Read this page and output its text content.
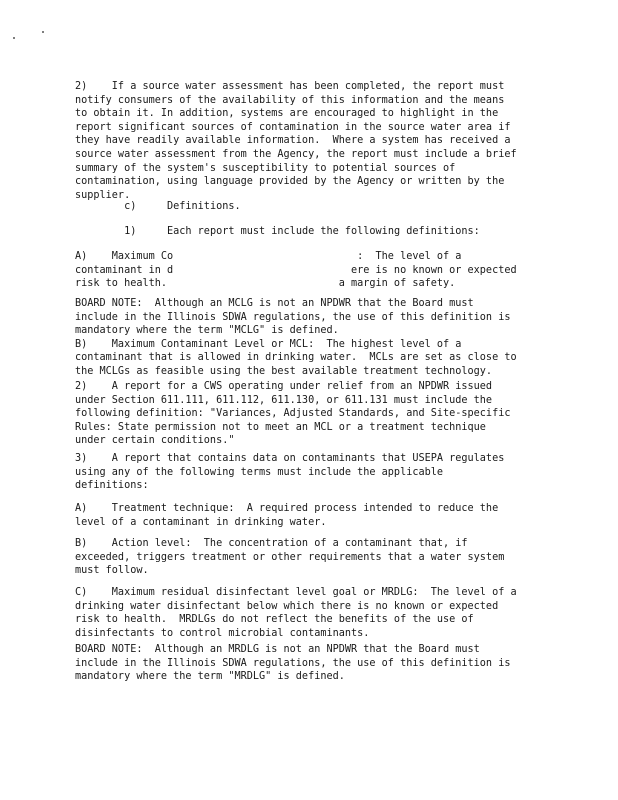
2)    If a source water assessment has been completed, the report must
notify consumers of the availability of this information and the means
to obtain it. In addition, systems are encouraged to highlight in the
report significant sources of contamination in the source water area if
they have readily available information.  Where a system has received a
source water assessment from the Agency, the report must include a brief
summary of the system's susceptibility to potential sources of
contamination, using language provided by the Agency or written by the
supplier.

c)     Definitions.

1)     Each report must include the following definitions:

A)    Maximum Co                              :  The level of a
contaminant in d                             ere is no known or expected
risk to health.                            a margin of safety.

BOARD NOTE:  Although an MCLG is not an NPDWR that the Board must
include in the Illinois SDWA regulations, the use of this definition is
mandatory where the term "MCLG" is defined.
B)    Maximum Contaminant Level or MCL:  The highest level of a
contaminant that is allowed in drinking water.  MCLs are set as close to
the MCLGs as feasible using the best available treatment technology.

2)    A report for a CWS operating under relief from an NPDWR issued
under Section 611.111, 611.112, 611.130, or 611.131 must include the
following definition: "Variances, Adjusted Standards, and Site-specific
Rules: State permission not to meet an MCL or a treatment technique
under certain conditions."

3)    A report that contains data on contaminants that USEPA regulates
using any of the following terms must include the applicable
definitions:

A)    Treatment technique:  A required process intended to reduce the
level of a contaminant in drinking water.

B)    Action level:  The concentration of a contaminant that, if
exceeded, triggers treatment or other requirements that a water system
must follow.

C)    Maximum residual disinfectant level goal or MRDLG:  The level of a
drinking water disinfectant below which there is no known or expected
risk to health.  MRDLGs do not reflect the benefits of the use of
disinfectants to control microbial contaminants.

BOARD NOTE:  Although an MRDLG is not an NPDWR that the Board must
include in the Illinois SDWA regulations, the use of this definition is
mandatory where the term "MRDLG" is defined.
